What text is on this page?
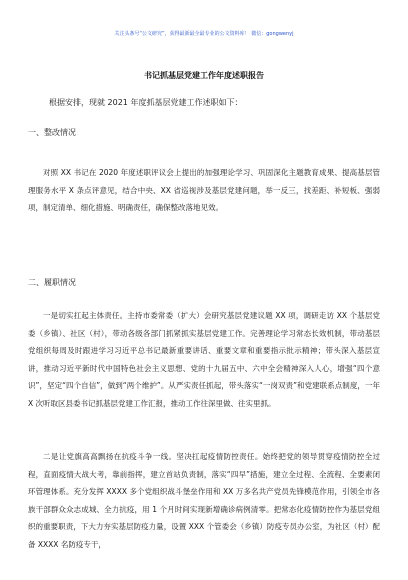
关注头条号“公文研究”，获得最新最全最专业的公文资料库！ 微信：gongwenyj
书记抓基层党建工作年度述职报告
根据安排，现就 2021 年度抓基层党建工作述职如下：
一、整改情况
对照 XX 书记在 2020 年度述职评议会上提出的加强理论学习、巩固深化主题教育成果、提高基层管理服务水平 X 条点评意见，结合中央、XX 省巡视涉及基层党建问题，举一反三，找差距、补短板、强弱项，制定清单、细化措施、明确责任，确保整改落地见效。
二、履职情况
一是切实扛起主体责任。主持市委常委（扩大）会研究基层党建议题 XX 项，调研走访 XX 个基层党委（乡镇）、社区（村），带动各级各部门抓紧抓实基层党建工作。完善理论学习常态长效机制，带动基层党组织每周及时跟进学习习近平总书记最新重要讲话、重要文章和重要指示批示精神；带头深入基层宣讲，推动习近平新时代中国特色社会主义思想、党的十九届五中、六中全会精神深入人心，增强“四个意识”，坚定“四个自信”，做到“两个维护”。从严实责任抓起，带头落实“一岗双责”和党建联系点制度，一年 X 次听取区县委书记抓基层党建工作汇报，推动工作往深里做、往实里抓。
二是让党旗高高飘扬在抗疫斗争一线。坚决扛起疫情防控责任。始终把党的领导贯穿疫情防控全过程，直面疫情大战大考，靠前指挥，建立首站负责制，落实“四早”措施，建立全过程、全流程、全要素闭环管理体系。充分发挥 XXXX 多个党组织战斗堡垒作用和 XX 万多名共产党员先锋模范作用，引领全市各族干部群众众志成城、全力抗疫，用 1 个月时间实现新增确诊病例清零。把常态化疫情防控作为基层党组织的重要职责，下大力夯实基层防疫力量，设置 XXX 个管委会（乡镇）防疫专员办公室，为社区（村）配备 XXXX 名防疫专干，
